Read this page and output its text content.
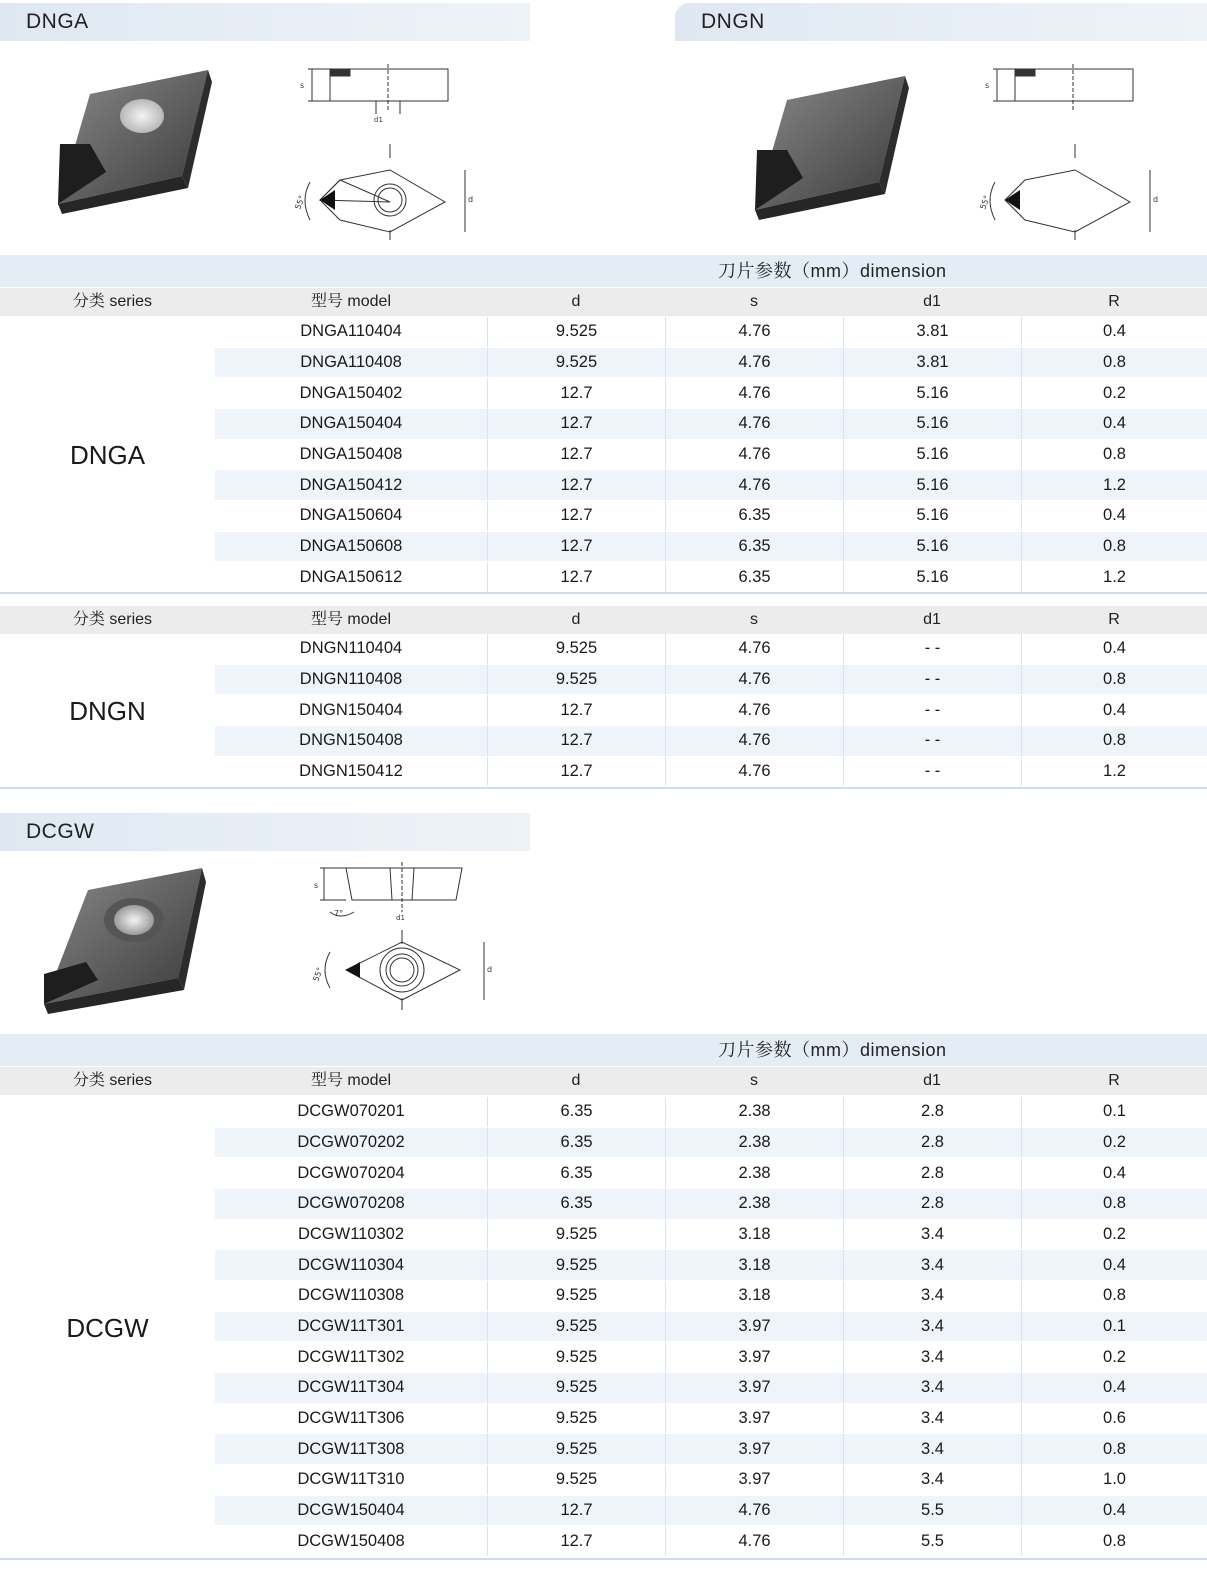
DNGA	DNGN
55°
d1
s
d	55°
s
d
刀片参数（mm）dimension
分类 series	型号 model	d	s	d1	R
DNGA
DNGA110404	9.525	4.76	3.81	0.4
DNGA110408	9.525	4.76	3.81	0.8
DNGA150402	12.7	4.76	5.16	0.2
DNGA150404	12.7	4.76	5.16	0.4
DNGA150408	12.7	4.76	5.16	0.8
DNGA150412	12.7	4.76	5.16	1.2
DNGA150604	12.7	6.35	5.16	0.4
DNGA150608	12.7	6.35	5.16	0.8
DNGA150612	12.7	6.35	5.16	1.2
分类 series	型号 model	d	s	d1	R
DNGN
DNGN110404	9.525	4.76	- -	0.4
DNGN110408	9.525	4.76	- -	0.8
DNGN150404	12.7	4.76	- -	0.4
DNGN150408	12.7	4.76	- -	0.8
DNGN150412	12.7	4.76	- -	1.2
DCGW
7°
55°
d1
s
d
刀片参数（mm）dimension
分类 series	型号 model	d	s	d1	R
DCGW
DCGW070201	6.35	2.38	2.8	0.1
DCGW070202	6.35	2.38	2.8	0.2
DCGW070204	6.35	2.38	2.8	0.4
DCGW070208	6.35	2.38	2.8	0.8
DCGW110302	9.525	3.18	3.4	0.2
DCGW110304	9.525	3.18	3.4	0.4
DCGW110308	9.525	3.18	3.4	0.8
DCGW11T301	9.525	3.97	3.4	0.1
DCGW11T302	9.525	3.97	3.4	0.2
DCGW11T304	9.525	3.97	3.4	0.4
DCGW11T306	9.525	3.97	3.4	0.6
DCGW11T308	9.525	3.97	3.4	0.8
DCGW11T310	9.525	3.97	3.4	1.0
DCGW150404	12.7	4.76	5.5	0.4
DCGW150408	12.7	4.76	5.5	0.8
